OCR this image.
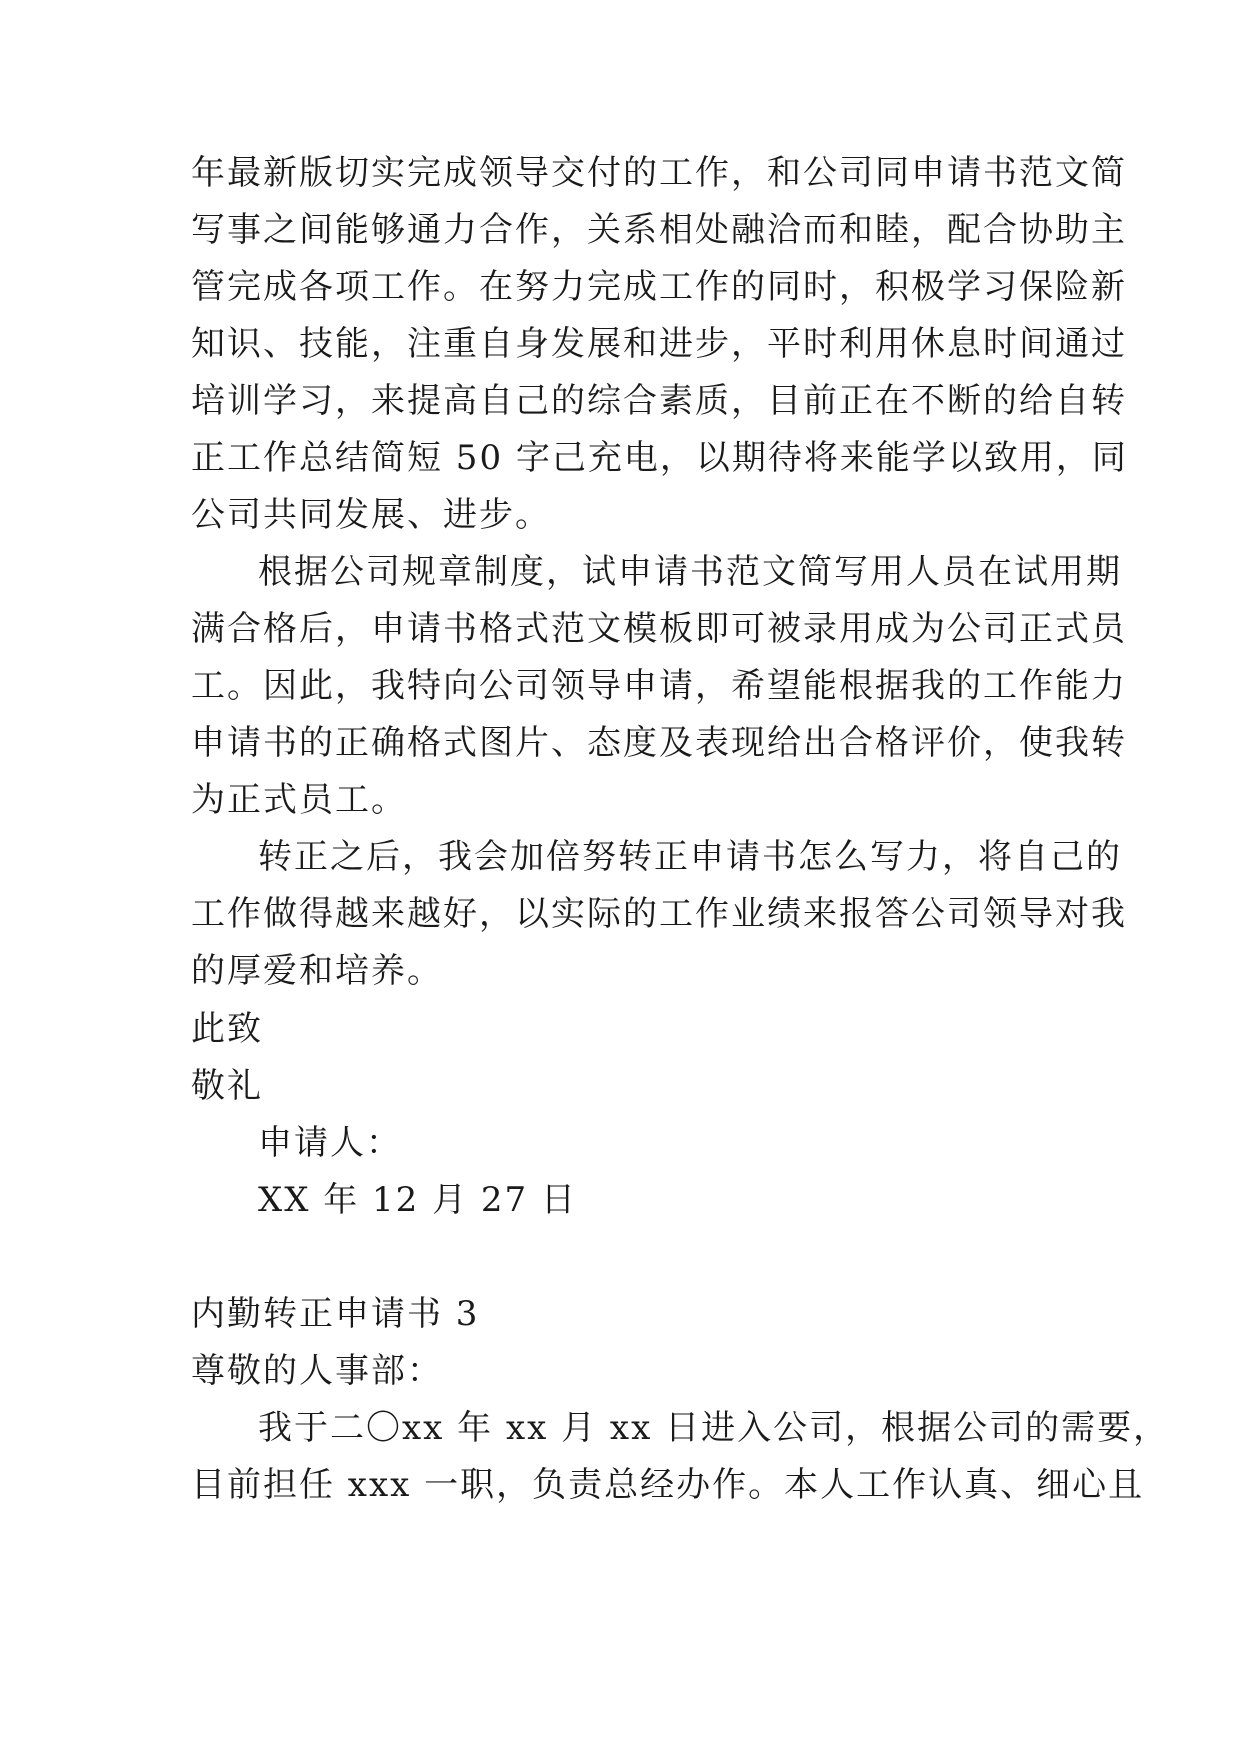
年最新版切实完成领导交付的工作，和公司同申请书范文简
写事之间能够通力合作，关系相处融洽而和睦，配合协助主
管完成各项工作。在努力完成工作的同时，积极学习保险新
知识、技能，注重自身发展和进步，平时利用休息时间通过
培训学习，来提高自己的综合素质，目前正在不断的给自转
正工作总结简短 50 字己充电，以期待将来能学以致用，同
公司共同发展、进步。
根据公司规章制度，试申请书范文简写用人员在试用期
满合格后，申请书格式范文模板即可被录用成为公司正式员
工。因此，我特向公司领导申请，希望能根据我的工作能力
申请书的正确格式图片、态度及表现给出合格评价，使我转
为正式员工。
转正之后，我会加倍努转正申请书怎么写力，将自己的
工作做得越来越好，以实际的工作业绩来报答公司领导对我
的厚爱和培养。
此致
敬礼
申请人：
XX 年 12 月 27 日
内勤转正申请书 3
尊敬的人事部：
我于二〇xx 年 xx 月 xx 日进入公司，根据公司的需要，
目前担任 xxx 一职，负责总经办作。本人工作认真、细心且
